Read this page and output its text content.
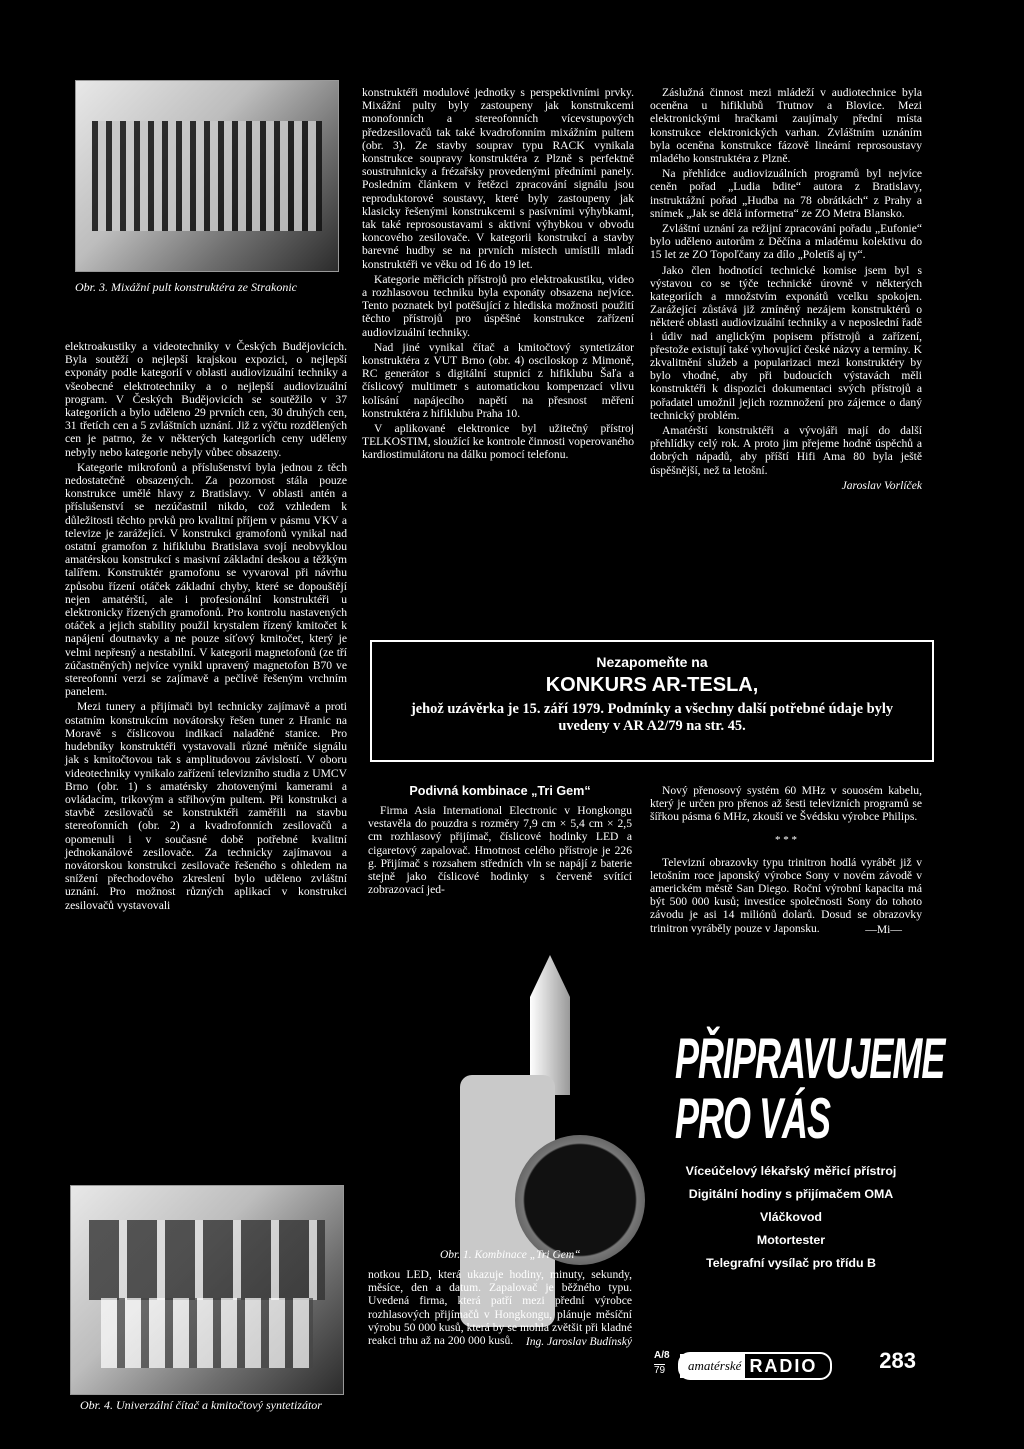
Obr. 3. Mixážní pult konstruktéra ze Strakonic

elektroakustiky a videotechniky v Českých Budějovicích. Byla soutěží o nejlepší krajskou expozici, o nejlepší exponáty podle kategorií v oblasti audiovizuální techniky a všeobecné elektrotechniky a o nejlepší audiovizuální program. V Českých Budějovicích se soutěžilo v 37 kategoriích a bylo uděleno 29 prvních cen, 30 druhých cen, 31 třetích cen a 5 zvláštních uznání. Již z výčtu rozdělených cen je patrno, že v některých kategoriích ceny uděleny nebyly nebo kategorie nebyly vůbec obsazeny.

Kategorie mikrofonů a příslušenství byla jednou z těch nedostatečně obsazených. Za pozornost stála pouze konstrukce umělé hlavy z Bratislavy. V oblasti antén a příslušenství se nezúčastnil nikdo, což vzhledem k důležitosti těchto prvků pro kvalitní příjem v pásmu VKV a televize je zarážející. V konstrukci gramofonů vynikal nad ostatní gramofon z hifiklubu Bratislava svojí neobvyklou amatérskou konstrukcí s masivní základní deskou a těžkým talířem. Konstruktér gramofonu se vyvaroval při návrhu způsobu řízení otáček základní chyby, které se dopouštějí nejen amatérští, ale i profesionální konstruktéři u elektronicky řízených gramofonů. Pro kontrolu nastavených otáček a jejich stability použil krystalem řízený kmitočet k napájení doutnavky a ne pouze síťový kmitočet, který je velmi nepřesný a nestabilní. V kategorii magnetofonů (ze tří zúčastněných) nejvíce vynikl upravený magnetofon B70 ve stereofonní verzi se zajímavě a pečlivě řešeným vrchním panelem.

Mezi tunery a přijímači byl technicky zajímavě a proti ostatním konstrukcím novátorsky řešen tuner z Hranic na Moravě s číslicovou indikací naladěné stanice. Pro hudebníky konstruktéři vystavovali různé měniče signálu jak s kmitočtovou tak s amplitudovou závislostí. V oboru videotechniky vynikalo zařízení televizního studia z UMCV Brno (obr. 1) s amatérsky zhotovenými kamerami a ovládacím, trikovým a střihovým pultem. Při konstrukci a stavbě zesilovačů se konstruktéři zaměřili na stavbu stereofonních (obr. 2) a kvadrofonních zesilovačů a opomenuli i v současné době potřebné kvalitní jednokanálové zesilovače. Za technicky zajímavou a novátorskou konstrukci zesilovače řešeného s ohledem na snížení přechodového zkreslení bylo uděleno zvláštní uznání. Pro možnost různých aplikací v konstrukci zesilovačů vystavovali

Obr. 4. Univerzální čítač a kmitočtový syntetizátor

konstruktéři modulové jednotky s perspektivními prvky. Mixážní pulty byly zastoupeny jak konstrukcemi monofonních a stereofonních vícevstupových předzesilovačů tak také kvadrofonním mixážním pultem (obr. 3). Ze stavby souprav typu RACK vynikala konstrukce soupravy konstruktéra z Plzně s perfektně soustruhnicky a frézařsky provedenými předními panely. Posledním článkem v řetězci zpracování signálu jsou reproduktorové soustavy, které byly zastoupeny jak klasicky řešenými konstrukcemi s pasívními výhybkami, tak také reprosoustavami s aktivní výhybkou v obvodu koncového zesilovače. V kategorii konstrukcí a stavby barevné hudby se na prvních místech umístili mladí konstruktéři ve věku od 16 do 19 let.

Kategorie měřicích přístrojů pro elektroakustiku, video a rozhlasovou techniku byla exponáty obsazena nejvíce. Tento poznatek byl potěšující z hlediska možnosti použití těchto přístrojů pro úspěšné konstrukce zařízení audiovizuální techniky.

Nad jiné vynikal čítač a kmitočtový syntetizátor konstruktéra z VUT Brno (obr. 4) osciloskop z Mimoně, RC generátor s digitální stupnicí z hifiklubu Šaľa a číslicový multimetr s automatickou kompenzací vlivu kolísání napájecího napětí na přesnost měření konstruktéra z hifiklubu Praha 10.

V aplikované elektronice byl užitečný přístroj TELKOSTIM, sloužící ke kontrole činnosti voperovaného kardiostimulátoru na dálku pomocí telefonu.

Záslužná činnost mezi mládeží v audiotechnice byla oceněna u hifiklubů Trutnov a Blovice. Mezi elektronickými hračkami zaujímaly přední místa konstrukce elektronických varhan. Zvláštním uznáním byla oceněna konstrukce fázově lineární reprosoustavy mladého konstruktéra z Plzně.

Na přehlídce audiovizuálních programů byl nejvíce ceněn pořad „Ludia bdite“ autora z Bratislavy, instruktážní pořad „Hudba na 78 obrátkách“ z Prahy a snímek „Jak se dělá informetra“ ze ZO Metra Blansko.

Zvláštní uznání za režijní zpracování pořadu „Eufonie“ bylo uděleno autorům z Děčína a mladému kolektivu do 15 let ze ZO Topoľčany za dílo „Poletíš aj ty“.

Jako člen hodnotící technické komise jsem byl s výstavou co se týče technické úrovně v některých kategoriích a množstvím exponátů vcelku spokojen. Zarážející zůstává již zmíněný nezájem konstruktérů o některé oblasti audiovizuální techniky a v neposlední řadě i údiv nad anglickým popisem přístrojů a zařízení, přestože existují také vyhovující české názvy a termíny. K zkvalitnění služeb a popularizaci mezi konstruktéry by bylo vhodné, aby při budoucích výstavách měli konstruktéři k dispozici dokumentaci svých přístrojů a pořadatel umožnil jejich rozmnožení pro zájemce o daný technický problém.

Amatérští konstruktéři a vývojáři mají do další přehlídky celý rok. A proto jim přejeme hodně úspěchů a dobrých nápadů, aby příští Hifi Ama 80 byla ještě úspěšnější, než ta letošní.

Jaroslav Vorlíček
Nezapomeňte na
KONKURS AR-TESLA,
jehož uzávěrka je 15. září 1979. Podmínky a všechny další potřebné údaje byly uvedeny v AR A2/79 na str. 45.
Podivná kombinace „Tri Gem“

Firma Asia International Electronic v Hongkongu vestavěla do pouzdra s rozměry 7,9 cm × 5,4 cm × 2,5 cm rozhlasový přijímač, číslicové hodinky LED a cigaretový zapalovač. Hmotnost celého přístroje je 226 g. Přijímač s rozsahem středních vln se napájí z baterie stejně jako číslicové hodinky s červeně svítící zobrazovací jed-

Obr. 1. Kombinace „Tri Gem“

notkou LED, která ukazuje hodiny, minuty, sekundy, měsíce, den a datum. Zapalovač je běžného typu. Uvedená firma, která patří mezi přední výrobce rozhlasových přijímačů v Hongkongu, plánuje měsíční výrobu 50 000 kusů, která by se mohla zvětšit při kladné reakci trhu až na 200 000 kusů.	Ing. Jaroslav Budínský

Nový přenosový systém 60 MHz v souosém kabelu, který je určen pro přenos až šesti televizních programů se šířkou pásma 6 MHz, zkouší ve Švédsku výrobce Philips.

* * *

Televizní obrazovky typu trinitron hodlá vyrábět již v letošním roce japonský výrobce Sony v novém závodě v americkém městě San Diego. Roční výrobní kapacita má být 500 000 kusů; investice společnosti Sony do tohoto závodu je asi 14 miliónů dolarů. Dosud se obrazovky trinitron vyráběly pouze v Japonsku.	—Mi—
PŘIPRAVUJEME
PRO VÁS
Víceúčelový lékařský měřicí přístroj
Digitální hodiny s přijímačem OMA
Vláčkovod
Motortester
Telegrafní vysílač pro třídu B
A/8
79	amatérské RADIO	283
